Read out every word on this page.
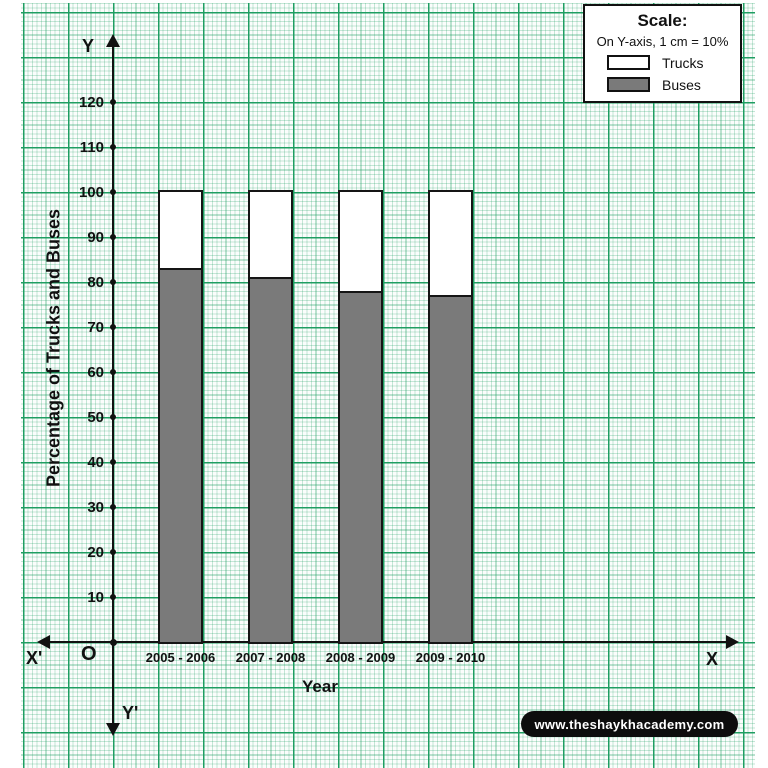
Y
Y'
X'	X
O
Percentage of Trucks and Buses
Year
10
20
30
40
50
60
70
80
90
100
110
120
2005 - 2006	2007 - 2008	2008 - 2009	2009 - 2010
Scale:
On Y-axis, 1 cm = 10%
Trucks
Buses
www.theshaykhacademy.com
